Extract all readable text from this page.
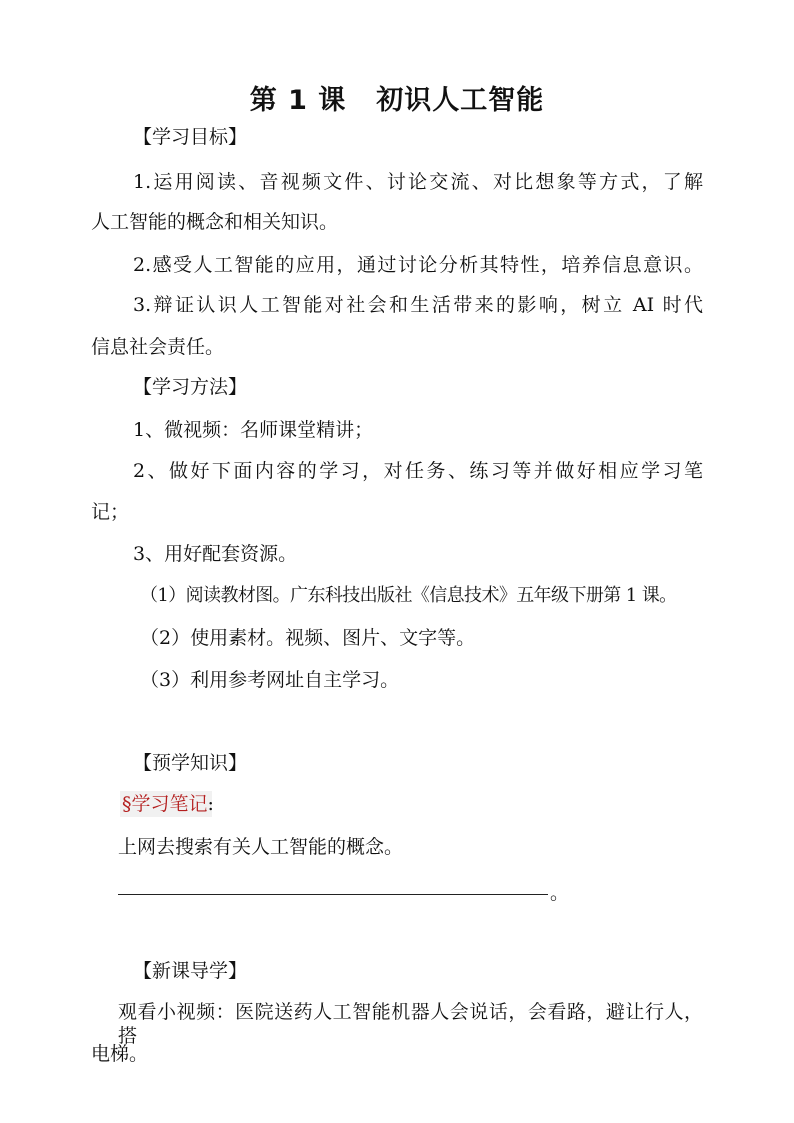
第 1 课 初识人工智能
【学习目标】
1.运用阅读、音视频文件、讨论交流、对比想象等方式，了解
人工智能的概念和相关知识。
2.感受人工智能的应用，通过讨论分析其特性，培养信息意识。
3.辩证认识人工智能对社会和生活带来的影响，树立 AI 时代
信息社会责任。
【学习方法】
1、微视频：名师课堂精讲；
2、做好下面内容的学习，对任务、练习等并做好相应学习笔
记；
3、用好配套资源。
（1）阅读教材图。广东科技出版社《信息技术》五年级下册第 1 课。
（2）使用素材。视频、图片、文字等。
（3）利用参考网址自主学习。
【预学知识】
§学习笔记:
上网去搜索有关人工智能的概念。
。
【新课导学】
观看小视频：医院送药人工智能机器人会说话，会看路，避让行人，搭
电梯。
